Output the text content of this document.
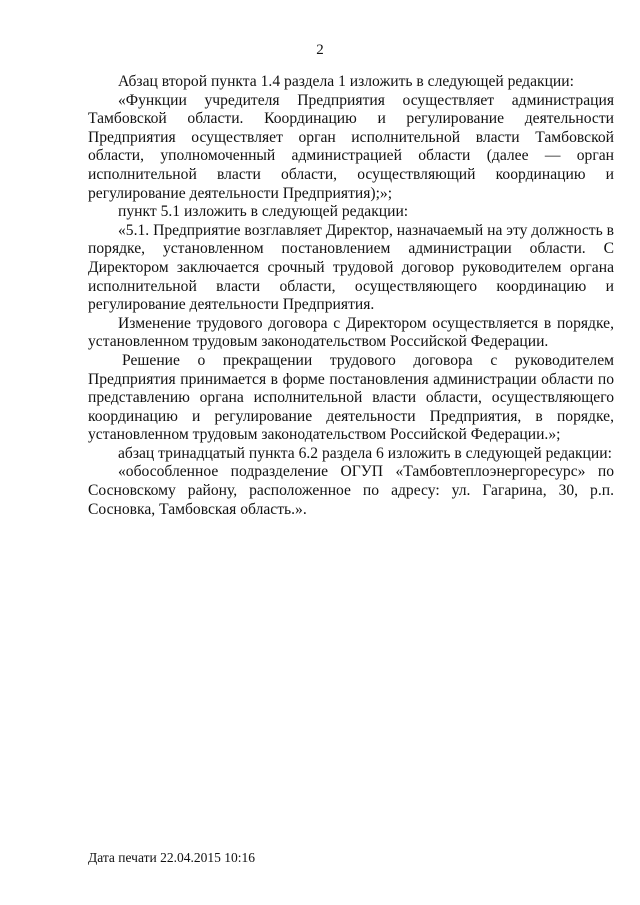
2

Абзац второй пункта 1.4 раздела 1 изложить в следующей редакции:

«Функции учредителя Предприятия осуществляет администрация Тамбовской области. Координацию и регулирование деятельности Предприятия осуществляет орган исполнительной власти Тамбовской области, уполномоченный администрацией области (далее — орган исполнительной власти области, осуществляющий координацию и регулирование деятельности Предприятия);»;

пункт 5.1 изложить в следующей редакции:

«5.1. Предприятие возглавляет Директор, назначаемый на эту должность в порядке, установленном постановлением администрации области. С Директором заключается срочный трудовой договор руководителем органа исполнительной власти области, осуществляющего координацию и регулирование деятельности Предприятия.

Изменение трудового договора с Директором осуществляется в порядке, установленном трудовым законодательством Российской Федерации.

Решение о прекращении трудового договора с руководителем Предприятия принимается в форме постановления администрации области по представлению органа исполнительной власти области, осуществляющего координацию и регулирование деятельности Предприятия, в порядке, установленном трудовым законодательством Российской Федерации.»;

абзац тринадцатый пункта 6.2 раздела 6 изложить в следующей редакции:

«обособленное подразделение ОГУП «Тамбовтеплоэнергоресурс» по Сосновскому району, расположенное по адресу: ул. Гагарина, 30, р.п. Сосновка, Тамбовская область.».

Дата печати 22.04.2015 10:16
